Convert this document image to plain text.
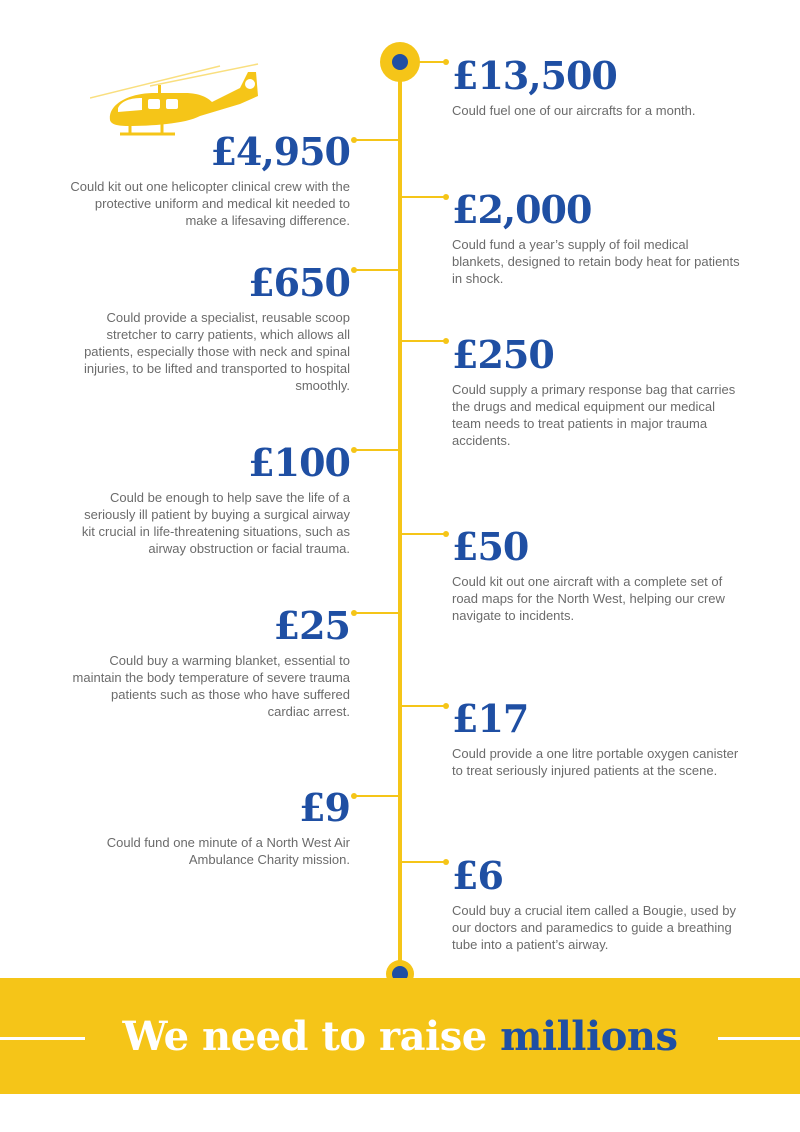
£13,500
Could fuel one of our aircrafts for a month.
£2,000
Could fund a year’s supply of foil medical blankets, designed to retain body heat for patients in shock.
£250
Could supply a primary response bag that carries the drugs and medical equipment our medical team needs to treat patients in major trauma accidents.
£50
Could kit out one aircraft with a complete set of road maps for the North West, helping our crew navigate to incidents.
£17
Could provide a one litre portable oxygen canister to treat seriously injured patients at the scene.
£6
Could buy a crucial item called a Bougie, used by our doctors and paramedics to guide a breathing tube into a patient’s airway.
£4,950
Could kit out one helicopter clinical crew with the protective uniform and medical kit needed to make a lifesaving difference.
£650
Could provide a specialist, reusable scoop stretcher to carry patients, which allows all patients, especially those with neck and spinal injuries, to be lifted and transported to hospital smoothly.
£100
Could be enough to help save the life of a seriously ill patient by buying a surgical airway kit crucial in life-threatening situations, such as airway obstruction or facial trauma.
£25
Could buy a warming blanket, essential to maintain the body temperature of severe trauma patients such as those who have suffered cardiac arrest.
£9
Could fund one minute of a North West Air Ambulance Charity mission.
We need to raise millions
